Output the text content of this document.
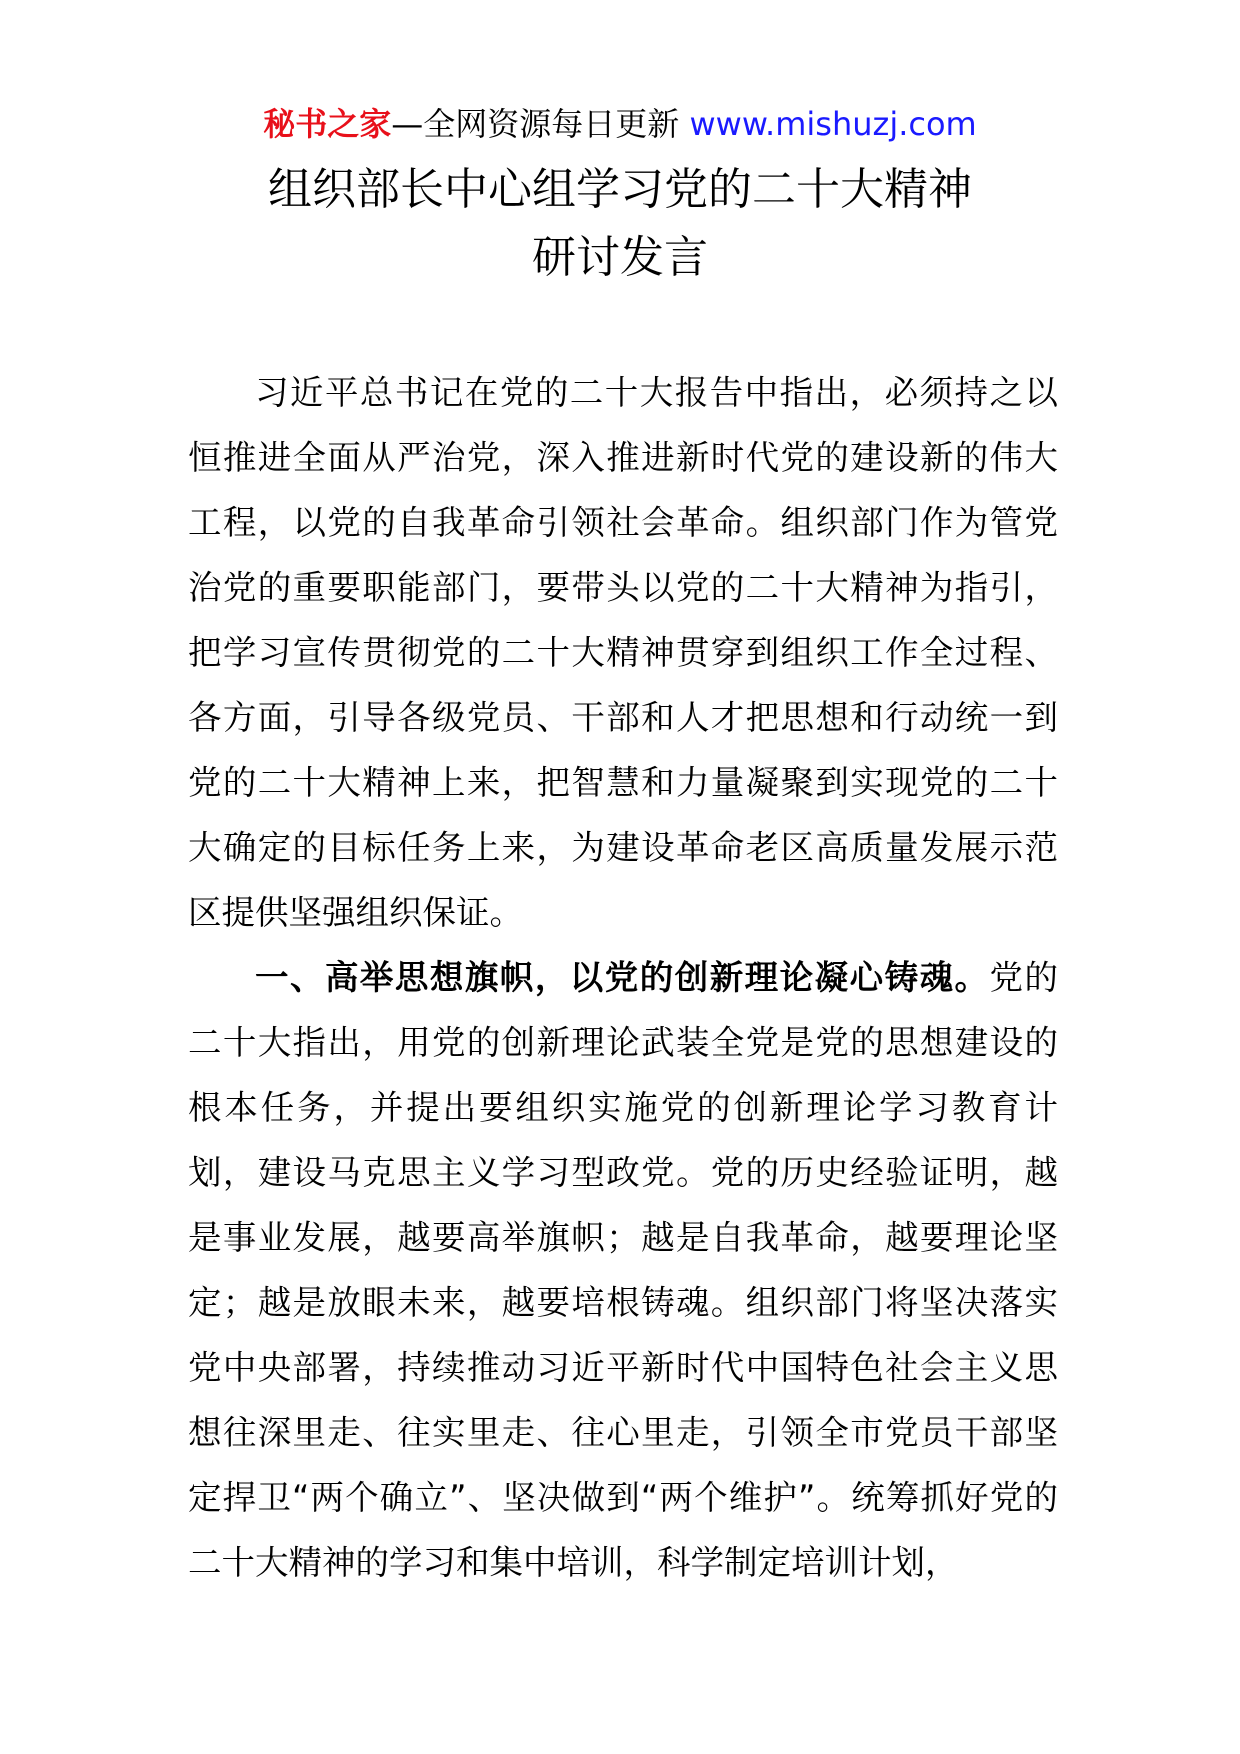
秘书之家—全网资源每日更新 www.mishuzj.com
组织部长中心组学习党的二十大精神
研讨发言

习近平总书记在党的二十大报告中指出，必须持之以恒推进全面从严治党，深入推进新时代党的建设新的伟大工程，以党的自我革命引领社会革命。组织部门作为管党治党的重要职能部门，要带头以党的二十大精神为指引，把学习宣传贯彻党的二十大精神贯穿到组织工作全过程、各方面，引导各级党员、干部和人才把思想和行动统一到党的二十大精神上来，把智慧和力量凝聚到实现党的二十大确定的目标任务上来，为建设革命老区高质量发展示范区提供坚强组织保证。

一、高举思想旗帜，以党的创新理论凝心铸魂。党的二十大指出，用党的创新理论武装全党是党的思想建设的根本任务，并提出要组织实施党的创新理论学习教育计划，建设马克思主义学习型政党。党的历史经验证明，越是事业发展，越要高举旗帜；越是自我革命，越要理论坚定；越是放眼未来，越要培根铸魂。组织部门将坚决落实党中央部署，持续推动习近平新时代中国特色社会主义思想往深里走、往实里走、往心里走，引领全市党员干部坚定捍卫“两个确立”、坚决做到“两个维护”。统筹抓好党的二十大精神的学习和集中培训，科学制定培训计划，
